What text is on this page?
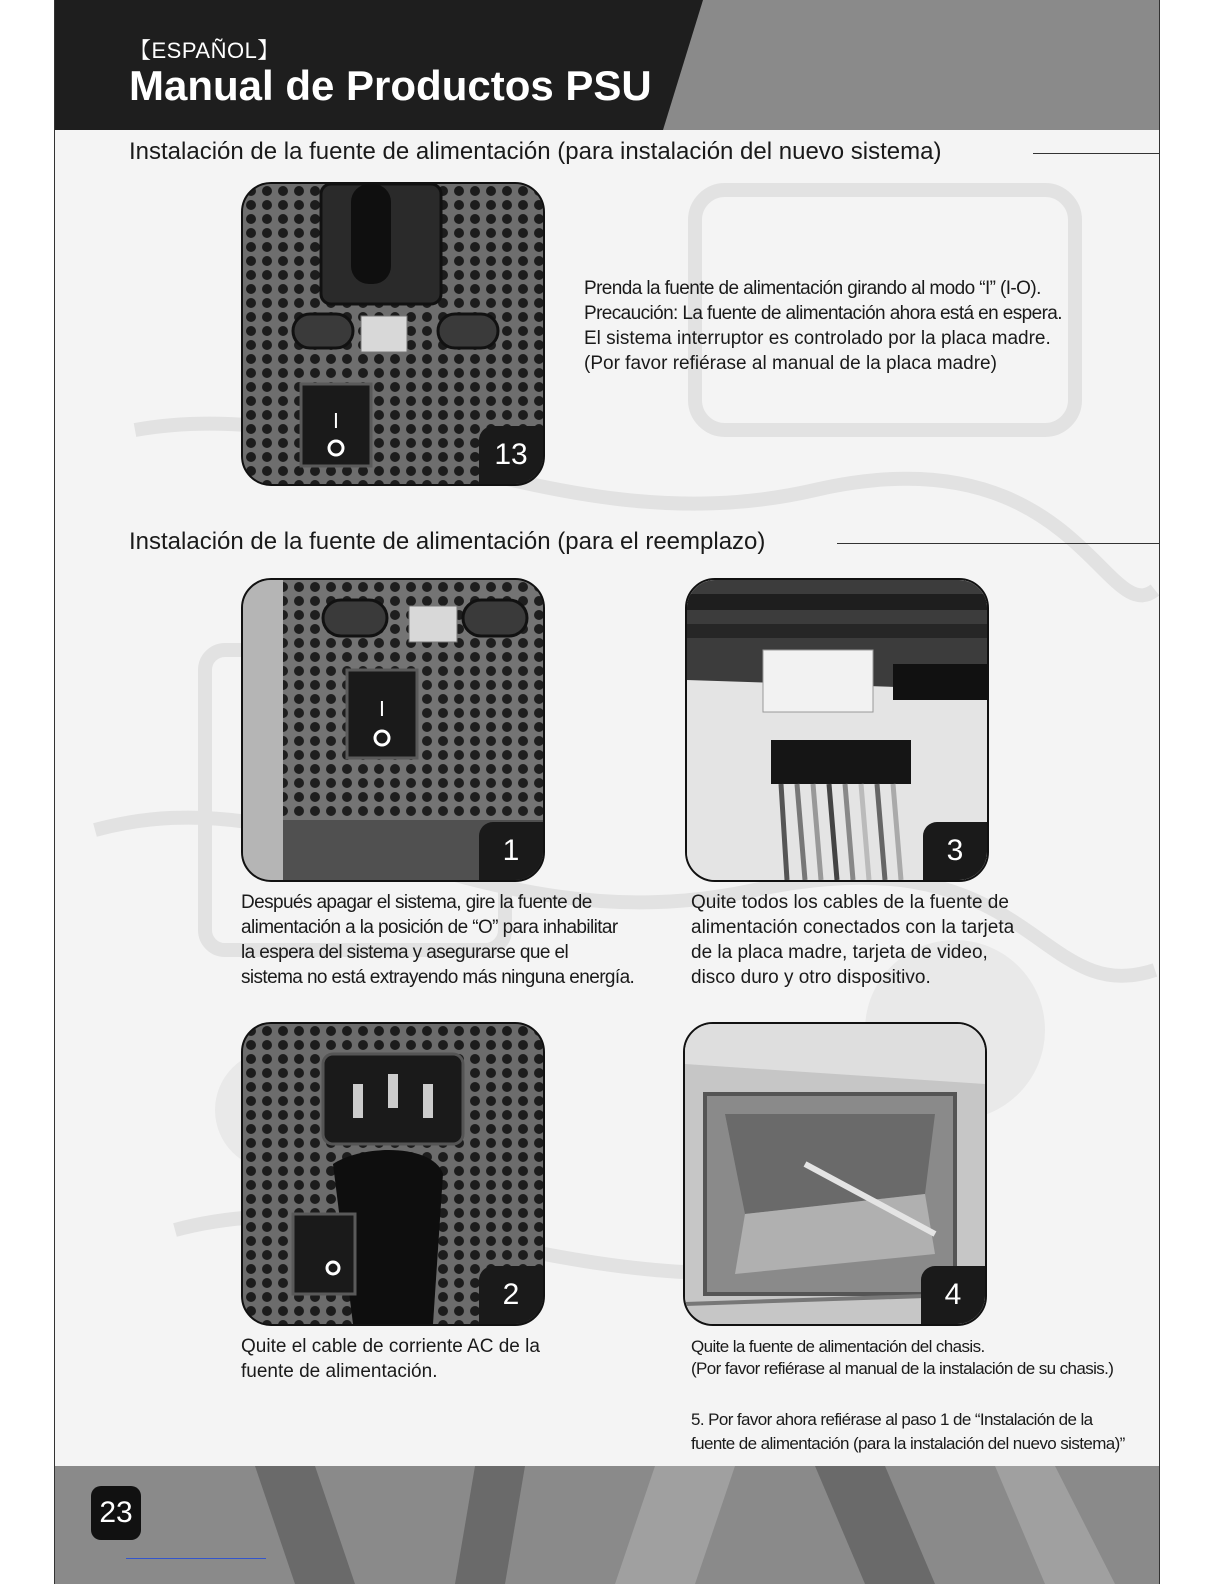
【ESPAÑOL】
Manual de Productos PSU
Instalación de la fuente de alimentación (para instalación del nuevo sistema)
I
13
Prenda la fuente de alimentación girando al modo “I” (I-O).
Precaución: La fuente de alimentación ahora está en espera.
El sistema interruptor es controlado por la placa madre.
(Por favor refiérase al manual de la placa madre)
Instalación de la fuente de alimentación (para el reemplazo)
I
1
Después apagar el sistema, gire la fuente de
alimentación a la posición de “O” para inhabilitar
la espera del sistema y asegurarse que el
sistema no está extrayendo más ninguna energía.
3
Quite todos los cables de la fuente de
alimentación conectados con la tarjeta
de la placa madre, tarjeta de video,
disco duro y otro dispositivo.
2
Quite el cable de corriente AC de la
fuente de alimentación.
4
Quite la fuente de alimentación del chasis.
(Por favor refiérase al manual de la instalación de su chasis.)
5. Por favor ahora refiérase al paso 1 de “Instalación de la
fuente de alimentación (para la instalación del nuevo sistema)”
23
